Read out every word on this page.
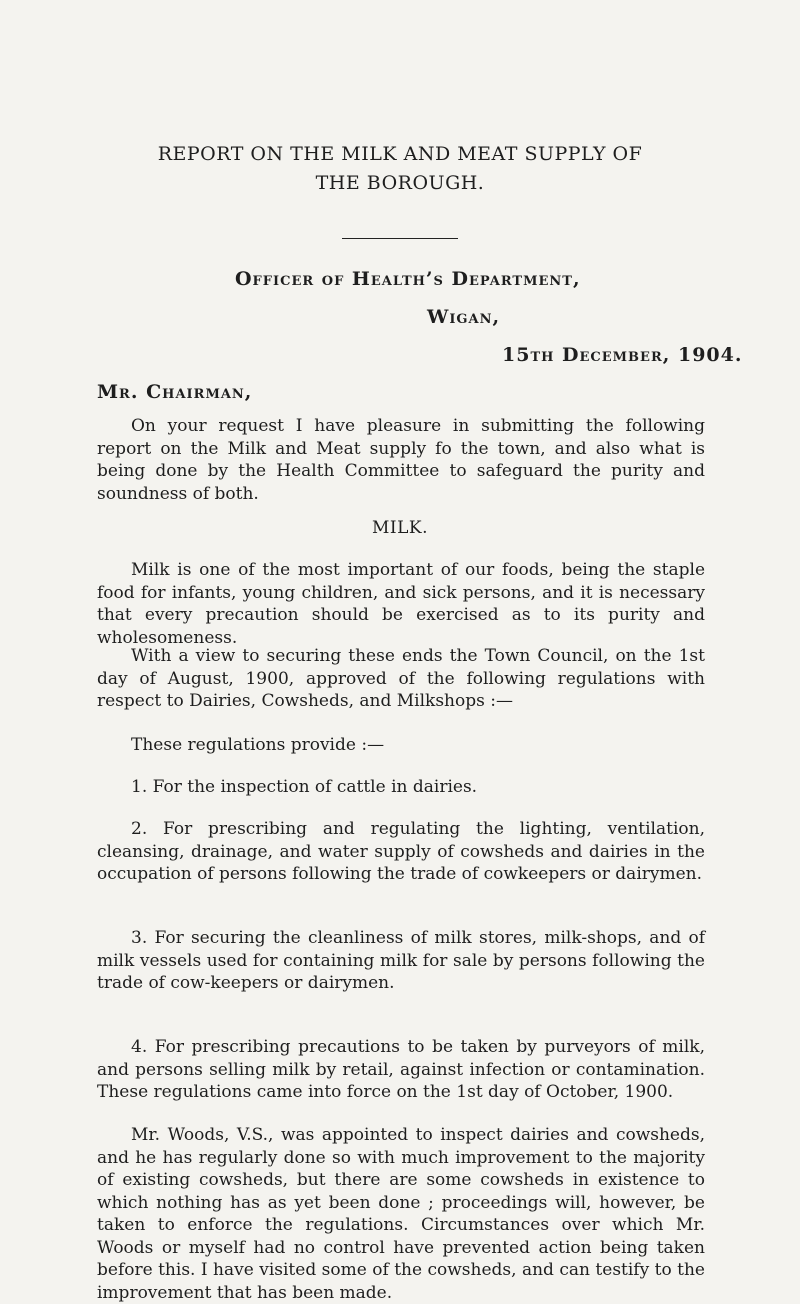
REPORT ON THE MILK AND MEAT SUPPLY OF
THE BOROUGH.
Officer of Health’s Department,
Wigan,
15th December, 1904.
Mr. Chairman,
On your request I have pleasure in submitting the following report on the Milk and Meat supply fo the town, and also what is being done by the Health Committee to safeguard the purity and soundness of both.
MILK.
Milk is one of the most important of our foods, being the staple food for infants, young children, and sick persons, and it is necessary that every precaution should be exercised as to its purity and wholesomeness.
With a view to securing these ends the Town Council, on the 1st day of August, 1900, approved of the following regulations with respect to Dairies, Cowsheds, and Milkshops :—
These regulations provide :—
1. For the inspection of cattle in dairies.
2. For prescribing and regulating the lighting, ventilation, cleansing, drainage, and water supply of cowsheds and dairies in the occupation of persons following the trade of cowkeepers or dairymen.
3. For securing the cleanliness of milk stores, milk-shops, and of milk vessels used for containing milk for sale by persons following the trade of cow-keepers or dairymen.
4. For prescribing precautions to be taken by purveyors of milk, and persons selling milk by retail, against infection or contamination. These regulations came into force on the 1st day of October, 1900.
Mr. Woods, V.S., was appointed to inspect dairies and cowsheds, and he has regularly done so with much improvement to the majority of existing cowsheds, but there are some cowsheds in existence to which nothing has as yet been done ; proceedings will, however, be taken to enforce the regulations. Circumstances over which Mr. Woods or myself had no control have prevented action being taken before this. I have visited some of the cowsheds, and can testify to the improvement that has been made.
